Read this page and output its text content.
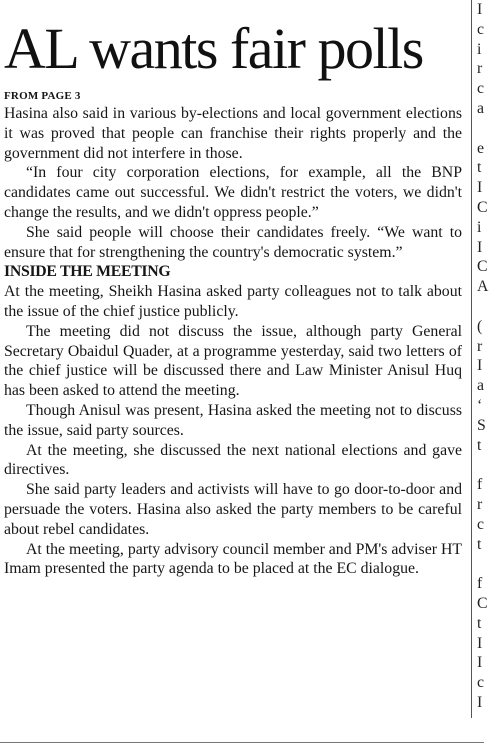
AL wants fair polls
FROM PAGE 3

Hasina also said in various by-elections and local government elections it was proved that people can franchise their rights properly and the government did not interfere in those.

“In four city corporation elections, for example, all the BNP candidates came out successful. We didn't restrict the voters, we didn't change the results, and we didn't oppress people.”

She said people will choose their candidates freely. “We want to ensure that for strengthening the country's democratic system.”

INSIDE THE MEETING

At the meeting, Sheikh Hasina asked party colleagues not to talk about the issue of the chief justice publicly.

The meeting did not discuss the issue, although party General Secretary Obaidul Quader, at a programme yesterday, said two letters of the chief justice will be discussed there and Law Minister Anisul Huq has been asked to attend the meeting.

Though Anisul was present, Hasina asked the meeting not to discuss the issue, said party sources.

At the meeting, she discussed the next national elections and gave directives.

She said party leaders and activists will have to go door-to-door and persuade the voters. Hasina also asked the party members to be careful about rebel candidates.

At the meeting, party advisory council member and PM's adviser HT Imam presented the party agenda to be placed at the EC dialogue.

I
c
i
r
c
a
e
t
I
C
i
I
C
A
(
r
I
a
‘
S
t
f
r
c
t
f
C
t
I
I
c
I
